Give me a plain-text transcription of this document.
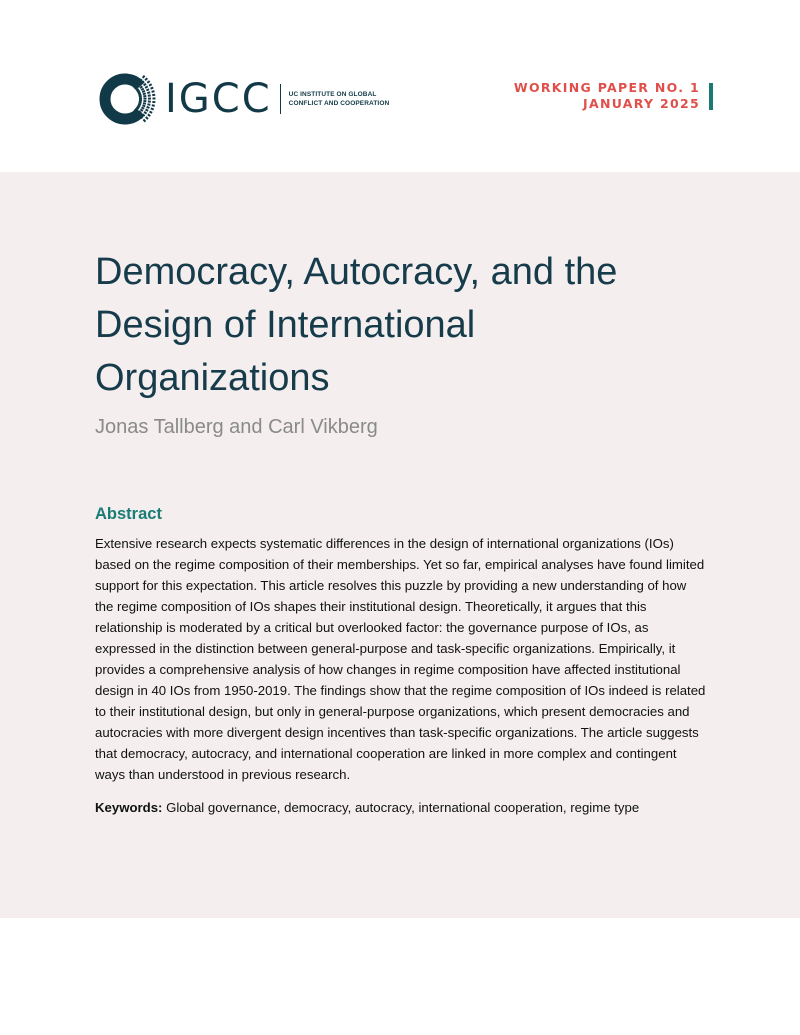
IGCC	UC INSTITUTE ON GLOBAL
CONFLICT AND COOPERATION
WORKING PAPER NO. 1
JANUARY 2025
Democracy, Autocracy, and the Design of International Organizations

Jonas Tallberg and Carl Vikberg

Abstract

Extensive research expects systematic differences in the design of international organizations (IOs) based on the regime composition of their memberships. Yet so far, empirical analyses have found limited support for this expectation. This article resolves this puzzle by providing a new understanding of how the regime composition of IOs shapes their institutional design. Theoretically, it argues that this relationship is moderated by a critical but overlooked factor: the governance purpose of IOs, as expressed in the distinction between general-purpose and task-specific organizations. Empirically, it provides a comprehensive analysis of how changes in regime composition have affected institutional design in 40 IOs from 1950-2019. The findings show that the regime composition of IOs indeed is related to their institutional design, but only in general-purpose organizations, which present democracies and autocracies with more divergent design incentives than task-specific organizations. The article suggests that democracy, autocracy, and international cooperation are linked in more complex and contingent ways than understood in previous research.

Keywords: Global governance, democracy, autocracy, international cooperation, regime type
